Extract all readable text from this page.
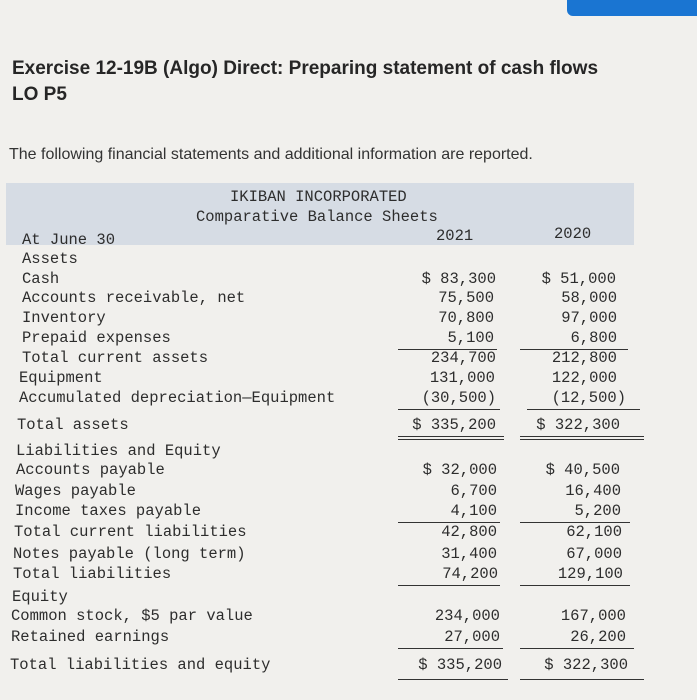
Exercise 12-19B (Algo) Direct: Preparing statement of cash flows
LO P5
The following financial statements and additional information are reported.
IKIBAN INCORPORATED
Comparative Balance Sheets
At June 30	2021	2020
Assets
Cash	$ 83,300	$ 51,000
Accounts receivable, net	75,500	58,000
Inventory	70,800	97,000
Prepaid expenses	5,100	6,800
Total current assets	234,700	212,800
Equipment	131,000	122,000
Accumulated depreciation—Equipment	(30,500)	(12,500)
Total assets	$ 335,200	$ 322,300
Liabilities and Equity
Accounts payable	$ 32,000	$ 40,500
Wages payable	6,700	16,400
Income taxes payable	4,100	5,200
Total current liabilities	42,800	62,100
Notes payable (long term)	31,400	67,000
Total liabilities	74,200	129,100
Equity
Common stock, $5 par value	234,000	167,000
Retained earnings	27,000	26,200
Total liabilities and equity	$ 335,200	$ 322,300
